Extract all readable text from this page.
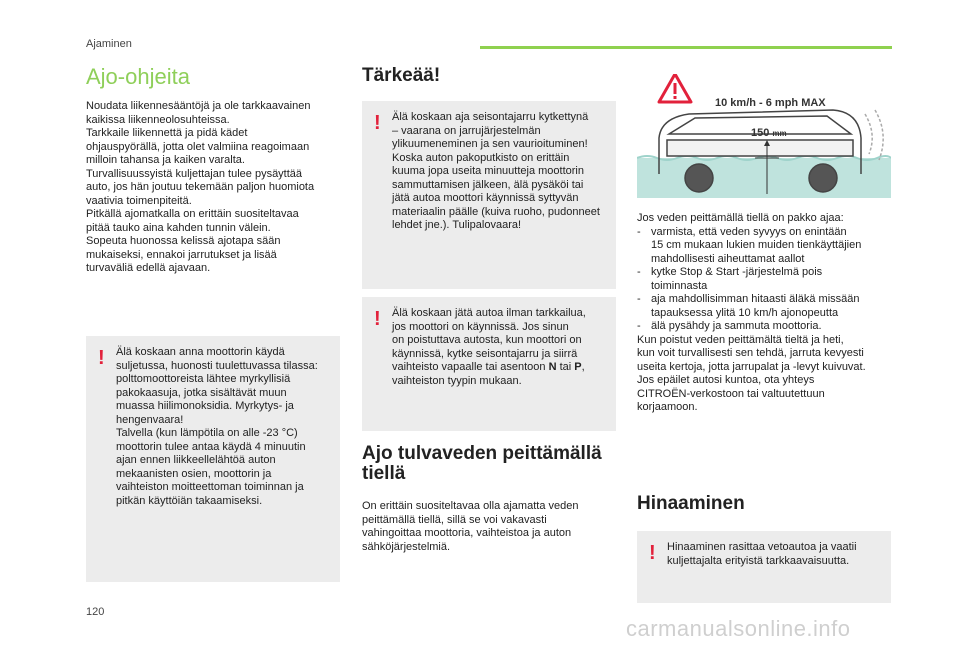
Ajaminen
Ajo-ohjeita

Noudata liikennesääntöjä ja ole tarkkaavainen
kaikissa liikenneolosuhteissa.
Tarkkaile liikennettä ja pidä kädet
ohjauspyörällä, jotta olet valmiina reagoimaan
milloin tahansa ja kaiken varalta.
Turvallisuussyistä kuljettajan tulee pysäyttää
auto, jos hän joutuu tekemään paljon huomiota
vaativia toimenpiteitä.
Pitkällä ajomatkalla on erittäin suositeltavaa
pitää tauko aina kahden tunnin välein.
Sopeuta huonossa kelissä ajotapa sään
mukaiseksi, ennakoi jarrutukset ja lisää
turvaväliä edellä ajavaan.

! Älä koskaan anna moottorin käydä
suljetussa, huonosti tuulettuvassa tilassa:
polttomoottoreista lähtee myrkyllisiä
pakokaasuja, jotka sisältävät muun
muassa hiilimonoksidia. Myrkytys- ja
hengenvaara!
Talvella (kun lämpötila on alle -23 °C)
moottorin tulee antaa käydä 4 minuutin
ajan ennen liikkeellelähtöä auton
mekaanisten osien, moottorin ja
vaihteiston moitteettoman toiminnan ja
pitkän käyttöiän takaamiseksi.

Tärkeää!
! Älä koskaan aja seisontajarru kytkettynä
– vaarana on jarrujärjestelmän
ylikuumeneminen ja sen vaurioituminen!
Koska auton pakoputkisto on erittäin
kuuma jopa useita minuutteja moottorin
sammuttamisen jälkeen, älä pysäköi tai
jätä autoa moottori käynnissä syttyvän
materiaalin päälle (kuiva ruoho, pudonneet
lehdet jne.). Tulipalovaara!

! Älä koskaan jätä autoa ilman tarkkailua,
jos moottori on käynnissä. Jos sinun
on poistuttava autosta, kun moottori on
käynnissä, kytke seisontajarru ja siirrä
vaihteisto vapaalle tai asentoon N tai P,
vaihteiston tyypin mukaan.

Ajo tulvaveden peittämällä tiellä

On erittäin suositeltavaa olla ajamatta veden
peittämällä tiellä, sillä se voi vakavasti
vahingoittaa moottoria, vaihteistoa ja auton
sähköjärjestelmiä.

10 km/h - 6 mph MAX
150 mm

Jos veden peittämällä tiellä on pakko ajaa:

- varmista, että veden syvyys on enintään
15 cm mukaan lukien muiden tienkäyttäjien
mahdollisesti aiheuttamat aallot
- kytke Stop & Start -järjestelmä pois
toiminnasta
- aja mahdollisimman hitaasti äläkä missään
tapauksessa ylitä 10 km/h ajonopeutta
- älä pysähdy ja sammuta moottoria.

Kun poistut veden peittämältä tieltä ja heti,
kun voit turvallisesti sen tehdä, jarruta kevyesti
useita kertoja, jotta jarrupalat ja -levyt kuivuvat.
Jos epäilet autosi kuntoa, ota yhteys
CITROËN-verkostoon tai valtuutettuun
korjaamoon.

Hinaaminen
! Hinaaminen rasittaa vetoautoa ja vaatii
kuljettajalta erityistä tarkkaavaisuutta.

120
carmanualsonline.info
